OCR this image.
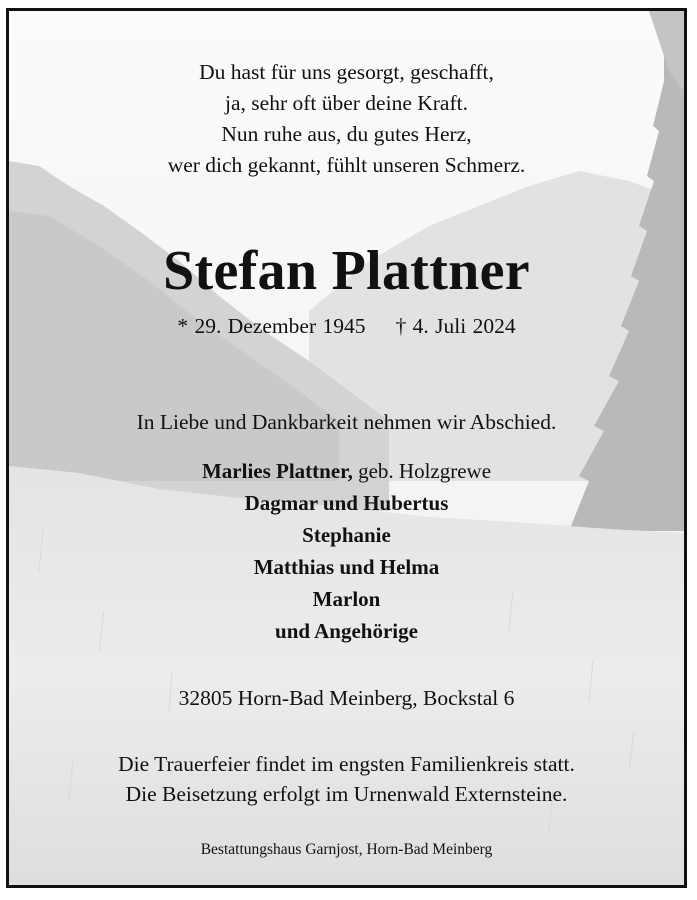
Du hast für uns gesorgt, geschafft,
ja, sehr oft über deine Kraft.
Nun ruhe aus, du gutes Herz,
wer dich gekannt, fühlt unseren Schmerz.
Stefan Plattner
* 29. Dezember 1945 † 4. Juli 2024
In Liebe und Dankbarkeit nehmen wir Abschied.
Marlies Plattner, geb. Holzgrewe
Dagmar und Hubertus
Stephanie
Matthias und Helma
Marlon
und Angehörige
32805 Horn-Bad Meinberg, Bockstal 6
Die Trauerfeier findet im engsten Familienkreis statt.
Die Beisetzung erfolgt im Urnenwald Externsteine.
Bestattungshaus Garnjost, Horn-Bad Meinberg
